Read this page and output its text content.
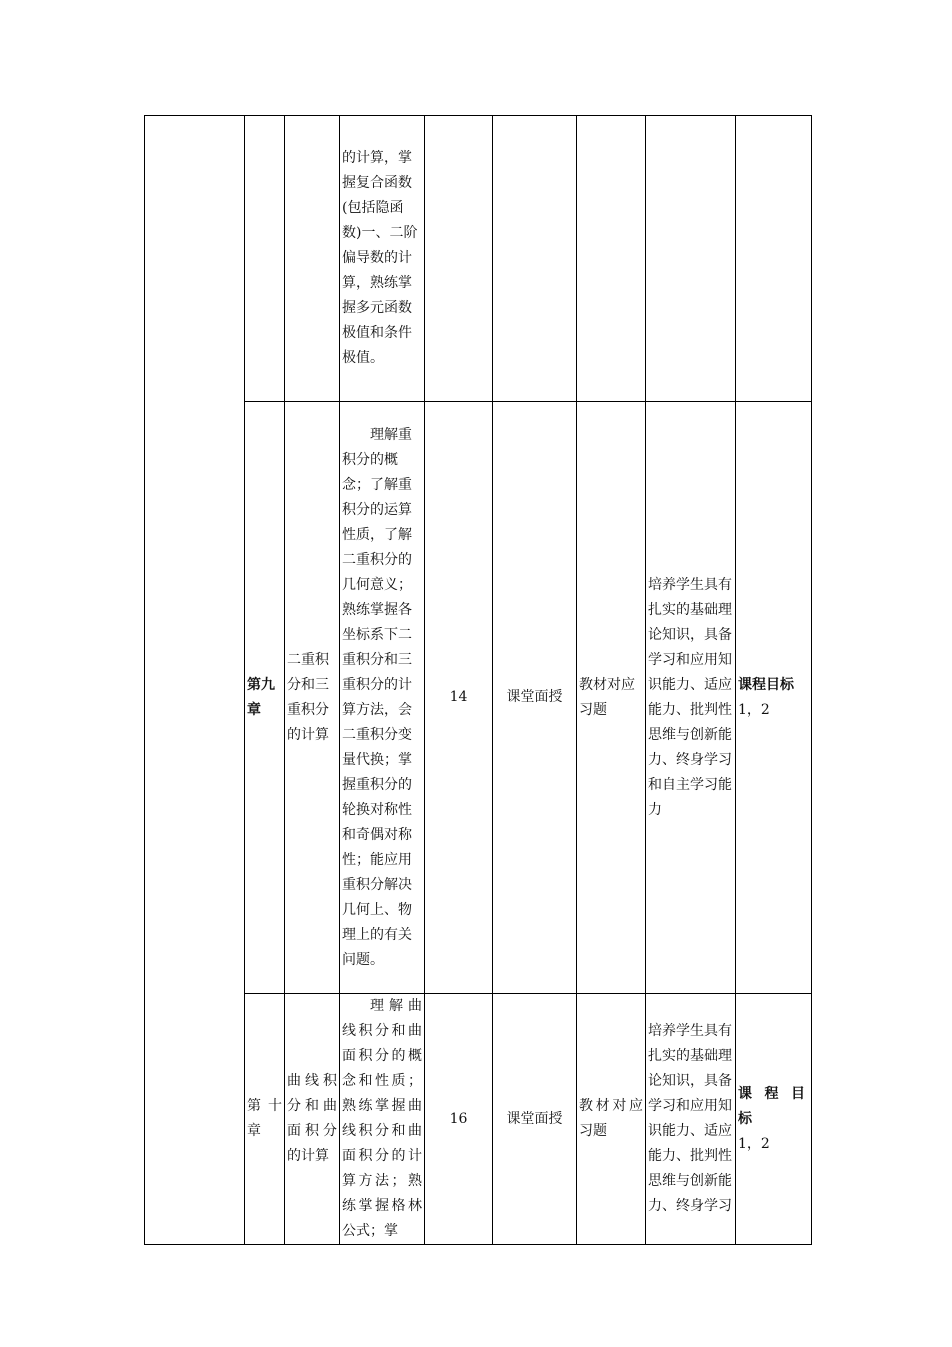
			的计算，掌握复合函数(包括隐函数)一、二阶偏导数的计算，熟练掌握多元函数极值和条件极值。					
	第九章	二重积分和三重积分的计算	理解重积分的概念；了解重积分的运算性质，了解二重积分的几何意义；熟练掌握各坐标系下二重积分和三重积分的计算方法，会二重积分变量代换；掌握重积分的轮换对称性和奇偶对称性；能应用重积分解决几何上、物理上的有关问题。	14	课堂面授	教材对应习题	培养学生具有扎实的基础理论知识，具备学习和应用知识能力、适应能力、批判性思维与创新能力、终身学习和自主学习能力	课程目标
1，2

	第十章	曲线积分和曲面积分的计算	理解曲线积分和曲面积分的概念和性质；熟练掌握曲线积分和曲面积分的计算方法；熟练掌握格林公式；掌	16	课堂面授	教材对应习题	培养学生具有扎实的基础理论知识，具备学习和应用知识能力、适应能力、批判性思维与创新能力、终身学习	课程目标
1，2
